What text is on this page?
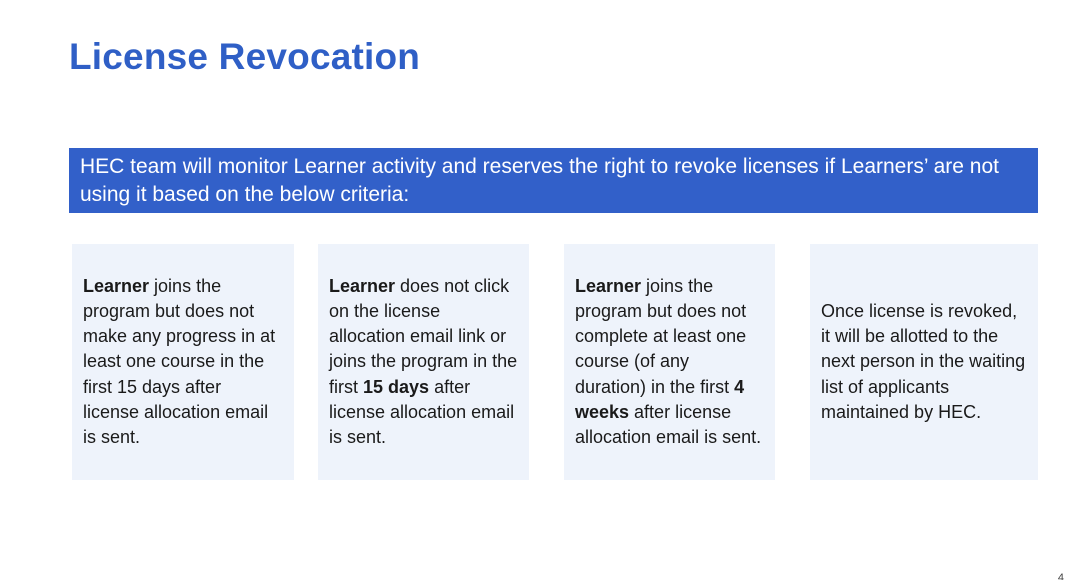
License Revocation
HEC team will monitor Learner activity and reserves the right to revoke licenses if Learners’ are not using it based on the below criteria:

Learner joins the program but does not make any progress in at least one course in the first 15 days after license allocation email is sent.

Learner does not click on the license allocation email link or joins the program in the first 15 days after license allocation email is sent.

Learner joins the program but does not complete at least one course (of any duration) in the first 4 weeks after license allocation email is sent.

Once license is revoked, it will be allotted to the next person in the waiting list of applicants maintained by HEC.

4
